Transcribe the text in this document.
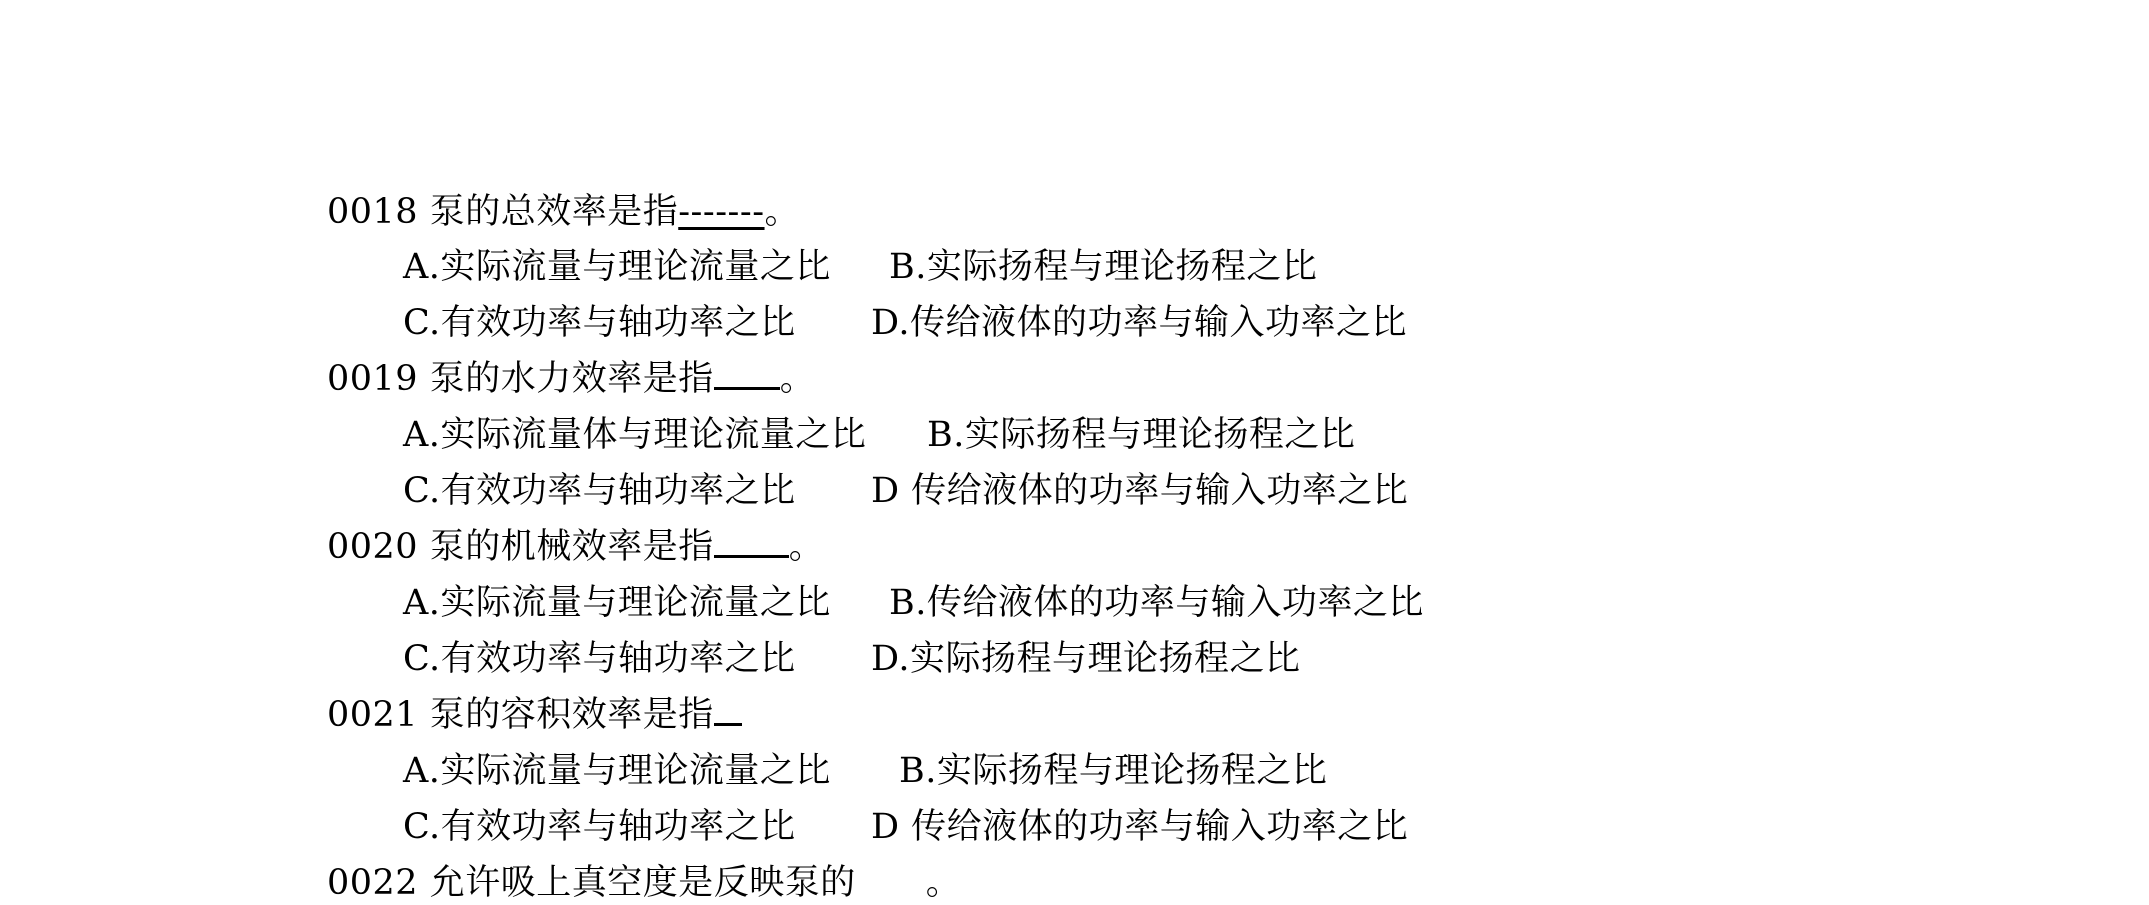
0018 泵的总效率是指-------。
A.实际流量与理论流量之比 B.实际扬程与理论扬程之比
C.有效功率与轴功率之比 D.传给液体的功率与输入功率之比
0019 泵的水力效率是指 。
A.实际流量体与理论流量之比 B.实际扬程与理论扬程之比
C.有效功率与轴功率之比 D 传给液体的功率与输入功率之比
0020 泵的机械效率是指 。
A.实际流量与理论流量之比 B.传给液体的功率与输入功率之比
C.有效功率与轴功率之比 D.实际扬程与理论扬程之比
0021 泵的容积效率是指
A.实际流量与理论流量之比 B.实际扬程与理论扬程之比
C.有效功率与轴功率之比 D 传给液体的功率与输入功率之比
0022 允许吸上真空度是反映泵的 。
